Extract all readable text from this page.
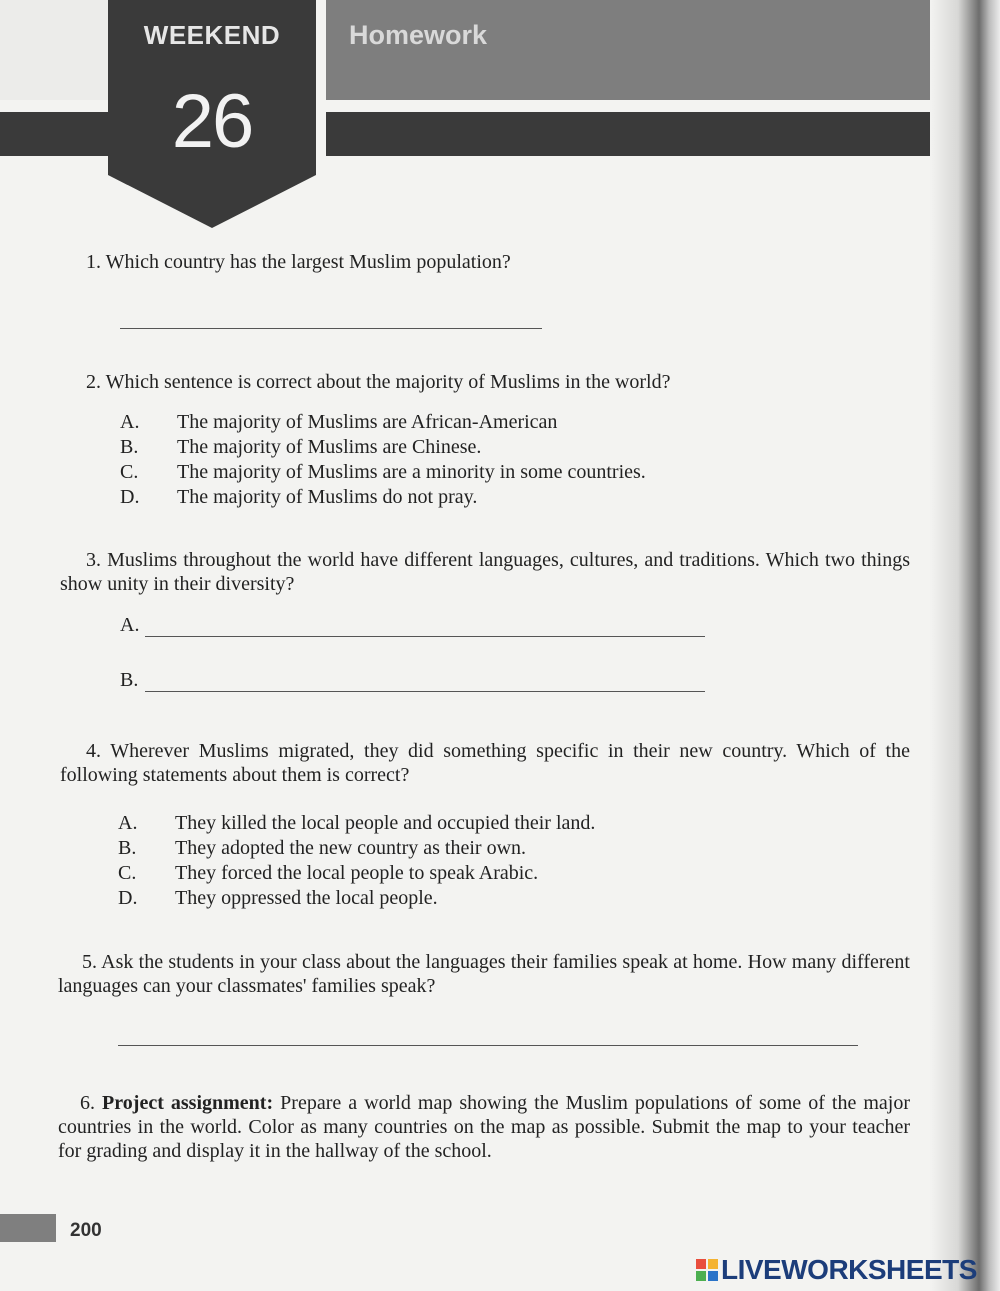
WEEKEND
26
Homework
1. Which country has the largest Muslim population?
2. Which sentence is correct about the majority of Muslims in the world?
A. The majority of Muslims are African-American
B. The majority of Muslims are Chinese.
C. The majority of Muslims are a minority in some countries.
D. The majority of Muslims do not pray.
3. Muslims throughout the world have different languages, cultures, and traditions. Which two things show unity in their diversity?
A.
B.
4. Wherever Muslims migrated, they did something specific in their new country. Which of the following statements about them is correct?
A. They killed the local people and occupied their land.
B. They adopted the new country as their own.
C. They forced the local people to speak Arabic.
D. They oppressed the local people.
5. Ask the students in your class about the languages their families speak at home. How many different languages can your classmates' families speak?
6. Project assignment: Prepare a world map showing the Muslim populations of some of the major countries in the world. Color as many countries on the map as possible. Submit the map to your teacher for grading and display it in the hallway of the school.
200
LIVEWORKSHEETS
